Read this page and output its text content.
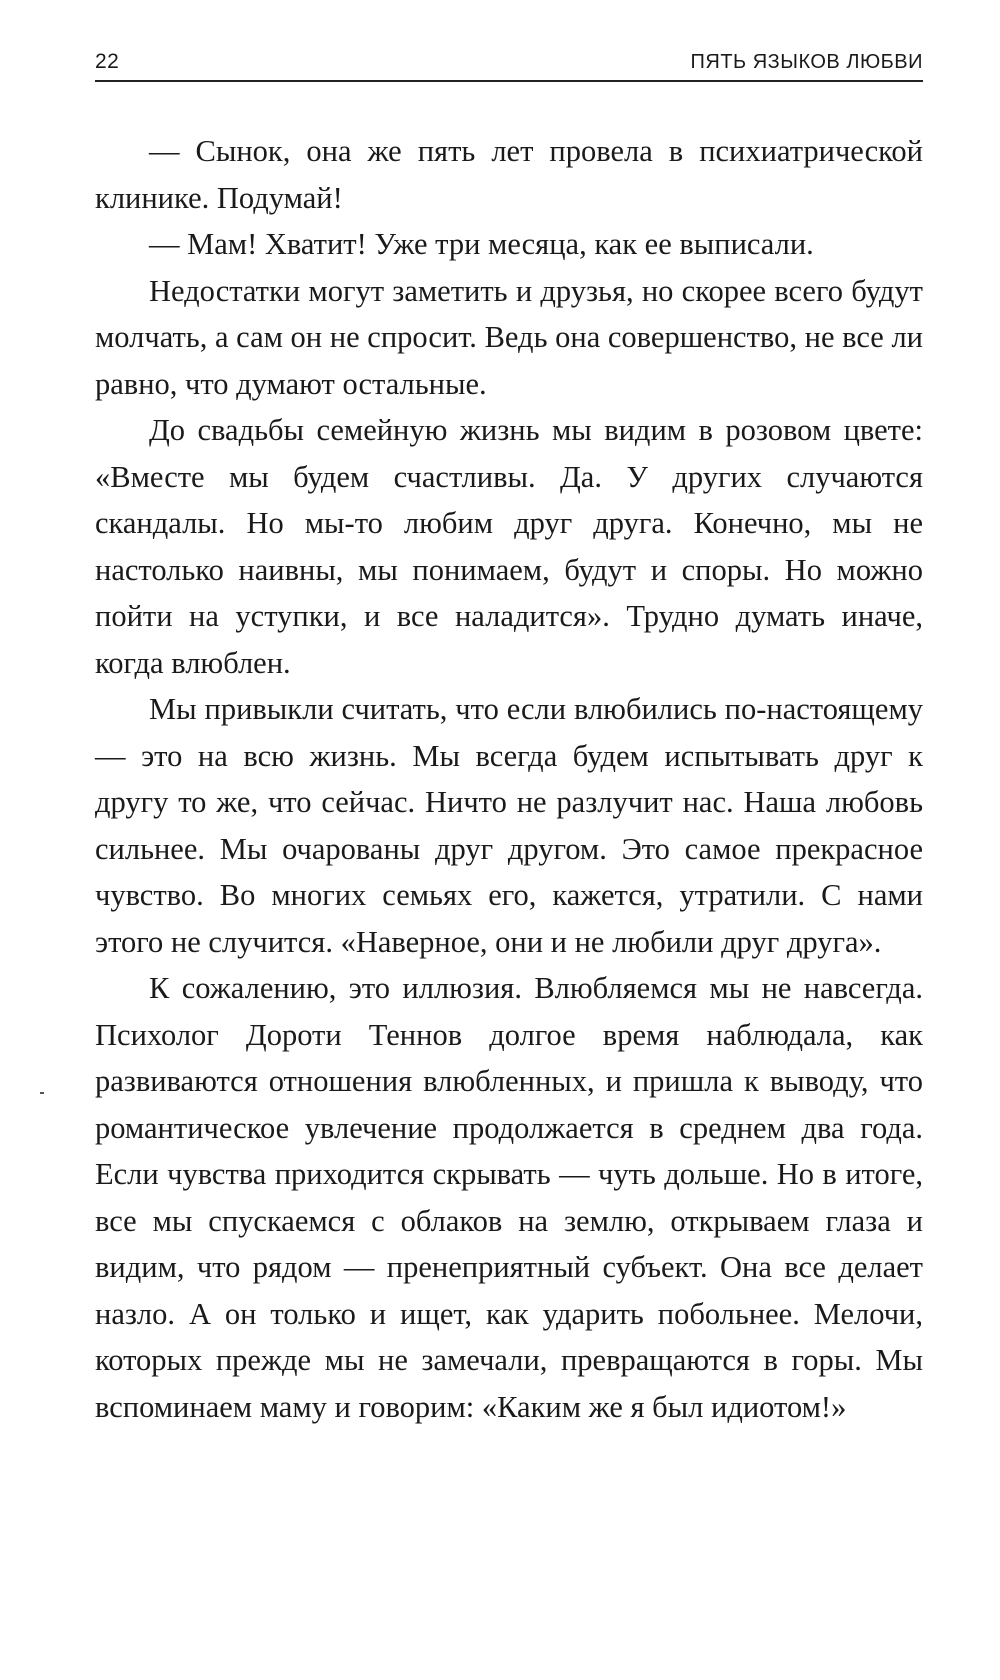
22	ПЯТЬ ЯЗЫКОВ ЛЮБВИ

— Сынок, она же пять лет провела в психиатрической клинике. Подумай!

— Мам! Хватит! Уже три месяца, как ее выписали.

Недостатки могут заметить и друзья, но скорее всего будут молчать, а сам он не спросит. Ведь она совершенство, не все ли равно, что думают остальные.

До свадьбы семейную жизнь мы видим в розовом цвете: «Вместе мы будем счастливы. Да. У других случаются скандалы. Но мы-то любим друг друга. Конечно, мы не настолько наивны, мы понимаем, будут и споры. Но можно пойти на уступки, и все наладится». Трудно думать иначе, когда влюблен.

Мы привыкли считать, что если влюбились по-настоящему — это на всю жизнь. Мы всегда будем испытывать друг к другу то же, что сейчас. Ничто не разлучит нас. Наша любовь сильнее. Мы очарованы друг другом. Это самое прекрасное чувство. Во многих семьях его, кажется, утратили. С нами этого не случится. «Наверное, они и не любили друг друга».

К сожалению, это иллюзия. Влюбляемся мы не навсегда. Психолог Дороти Теннов долгое время наблюдала, как развиваются отношения влюбленных, и пришла к выводу, что романтическое увлечение продолжается в среднем два года. Если чувства приходится скрывать — чуть дольше. Но в итоге, все мы спускаемся с облаков на землю, открываем глаза и видим, что рядом — пренеприятный субъект. Она все делает назло. А он только и ищет, как ударить побольнее. Мелочи, которых прежде мы не замечали, превращаются в горы. Мы вспоминаем маму и говорим: «Каким же я был идиотом!»
